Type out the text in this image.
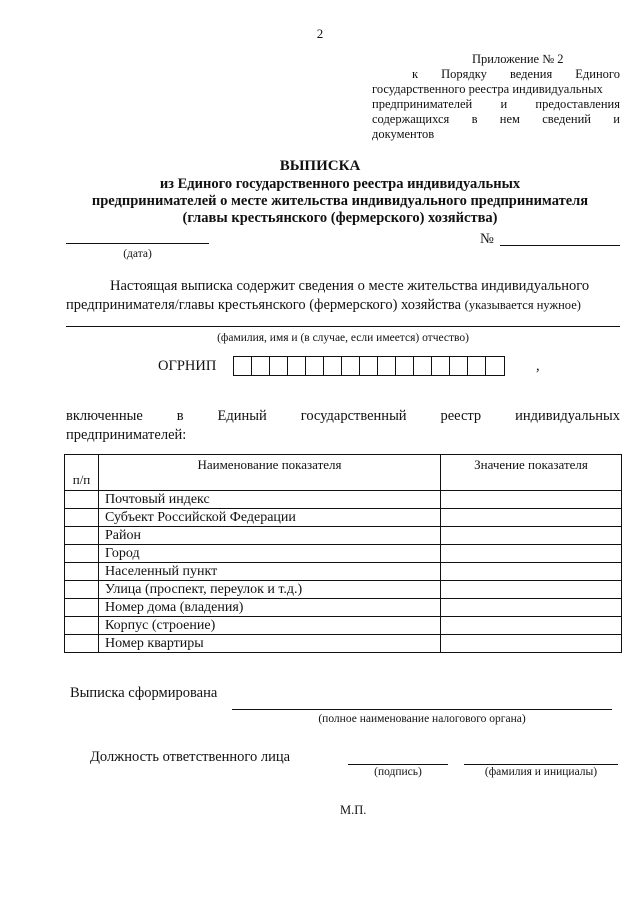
2
Приложение № 2
к Порядку ведения Единого
государственного реестра индивидуальных
предпринимателей и предоставления
содержащихся в нем сведений и
документов
ВЫПИСКА
из Единого государственного реестра индивидуальных
предпринимателей о месте жительства индивидуального предпринимателя
(главы крестьянского (фермерского) хозяйства)
(дата)
№
Настоящая выписка содержит сведения о месте жительства индивидуального
предпринимателя/главы крестьянского (фермерского) хозяйства (указывается нужное)
(фамилия, имя и (в случае, если имеется) отчество)
ОГРНИП	,
включенные в Единый государственный реестр индивидуальных
предпринимателей:
п/п	Наименование показателя	Значение показателя
	Почтовый индекс	
	Субъект Российской Федерации	
	Район	
	Город	
	Населенный пункт	
	Улица (проспект, переулок и т.д.)	
	Номер дома (владения)	
	Корпус (строение)	
	Номер квартиры	
Выписка сформирована
(полное наименование налогового органа)
Должность ответственного лица
(подпись)	(фамилия и инициалы)
М.П.
